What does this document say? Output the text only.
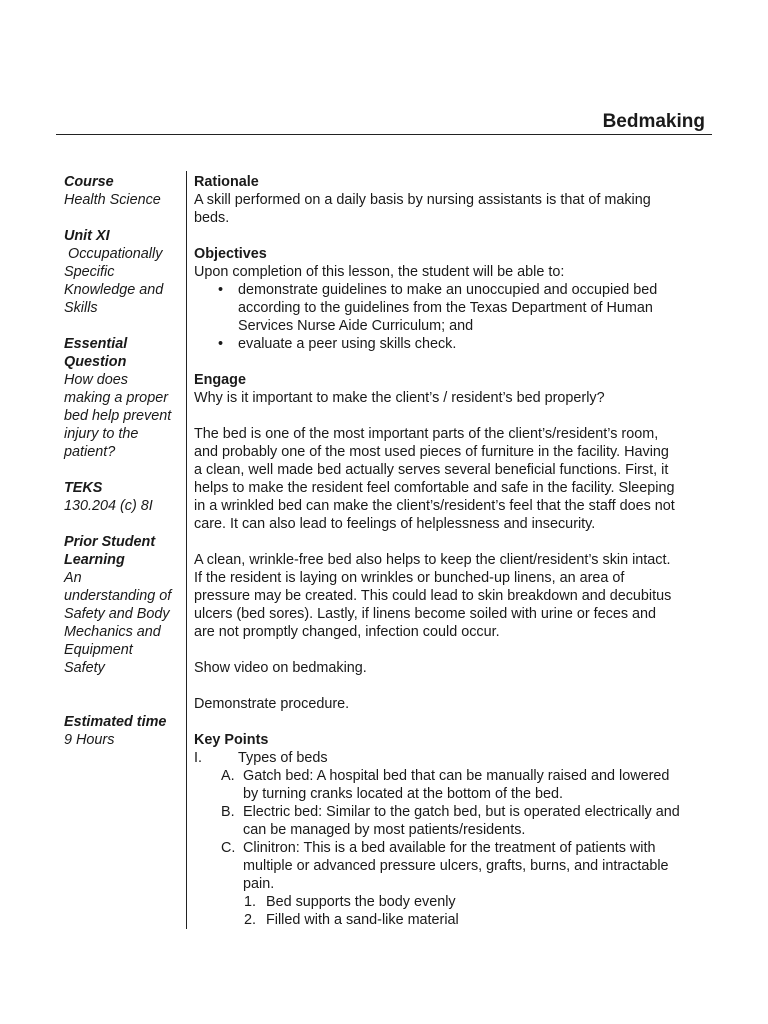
Bedmaking
Course
Health Science
Unit XI
Occupationally
Specific
Knowledge and
Skills
Essential
Question
How does
making a proper
bed help prevent
injury to the
patient?
TEKS
130.204 (c) 8I
Prior Student
Learning
An
understanding of
Safety and Body
Mechanics and
Equipment
Safety
Estimated time
9 Hours
Rationale

A skill performed on a daily basis by nursing assistants is that of making

beds.

Objectives

Upon completion of this lesson, the student will be able to:

• demonstrate guidelines to make an unoccupied and occupied bed
according to the guidelines from the Texas Department of Human
Services Nurse Aide Curriculum; and
• evaluate a peer using skills check.
Engage

Why is it important to make the client’s / resident’s bed properly?

The bed is one of the most important parts of the client’s/resident’s room,

and probably one of the most used pieces of furniture in the facility. Having

a clean, well made bed actually serves several beneficial functions. First, it

helps to make the resident feel comfortable and safe in the facility. Sleeping

in a wrinkled bed can make the client’s/resident’s feel that the staff does not

care. It can also lead to feelings of helplessness and insecurity.

A clean, wrinkle-free bed also helps to keep the client/resident’s skin intact.

If the resident is laying on wrinkles or bunched-up linens, an area of

pressure may be created. This could lead to skin breakdown and decubitus

ulcers (bed sores). Lastly, if linens become soiled with urine or feces and

are not promptly changed, infection could occur.

Show video on bedmaking.

Demonstrate procedure.

Key Points
I.	Types of beds
A. Gatch bed: A hospital bed that can be manually raised and lowered
by turning cranks located at the bottom of the bed.
B. Electric bed: Similar to the gatch bed, but is operated electrically and
can be managed by most patients/residents.
C. Clinitron: This is a bed available for the treatment of patients with
multiple or advanced pressure ulcers, grafts, burns, and intractable
pain.
1. Bed supports the body evenly
2. Filled with a sand-like material
